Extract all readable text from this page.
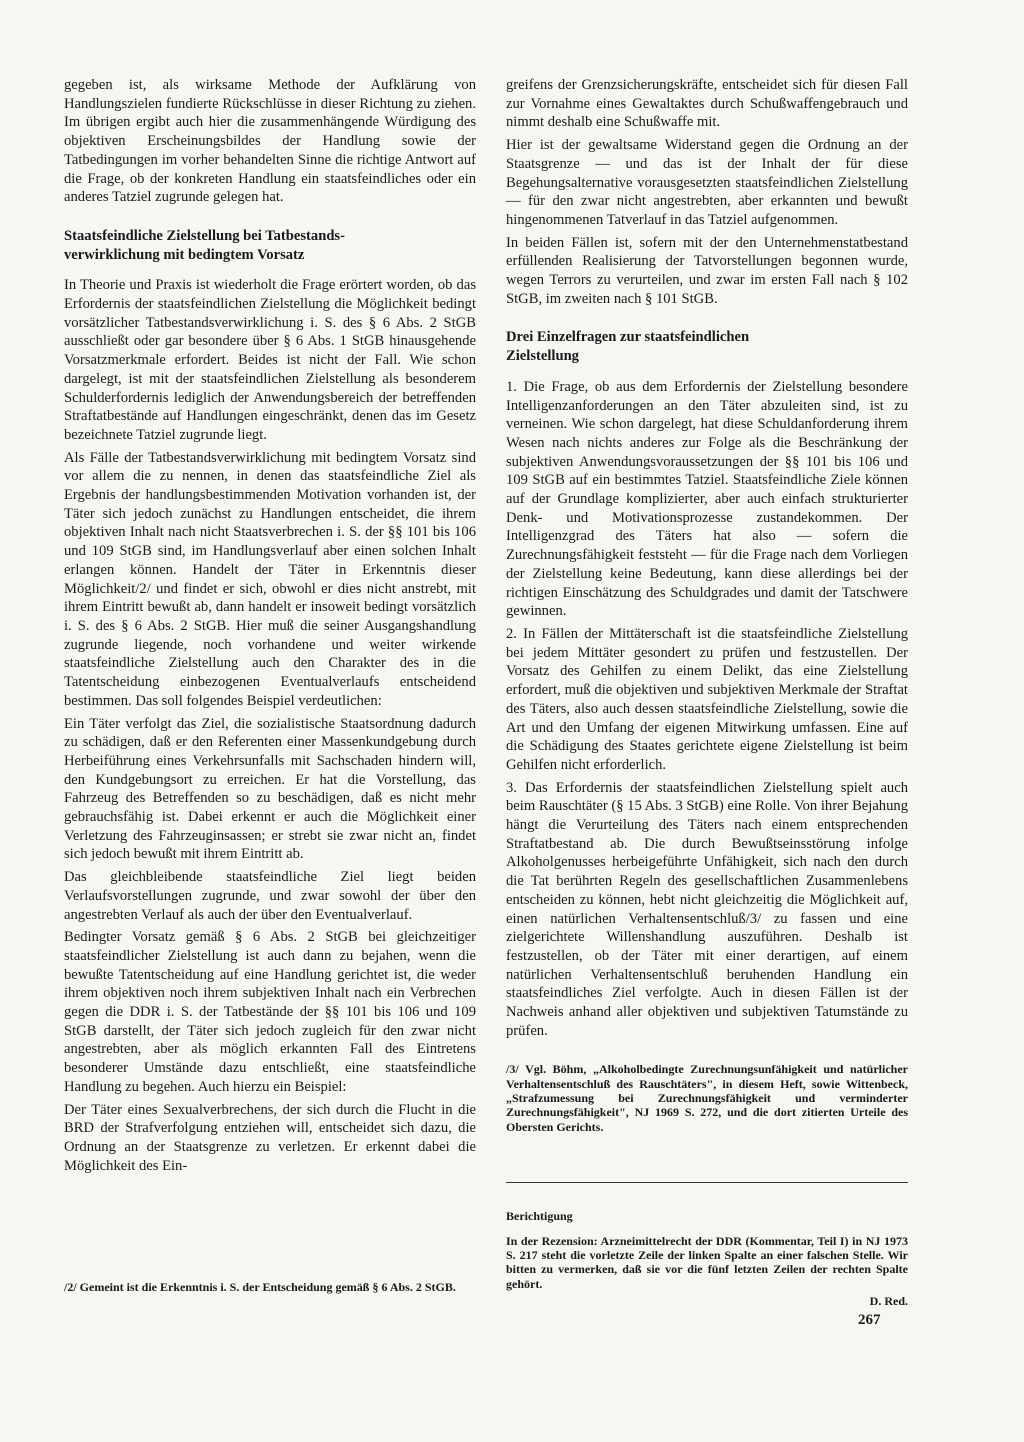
gegeben ist, als wirksame Methode der Aufklärung von Handlungszielen fundierte Rückschlüsse in dieser Richtung zu ziehen. Im übrigen ergibt auch hier die zusammenhängende Würdigung des objektiven Erscheinungsbildes der Handlung sowie der Tatbedingungen im vorher behandelten Sinne die richtige Antwort auf die Frage, ob der konkreten Handlung ein staatsfeindliches oder ein anderes Tatziel zugrunde gelegen hat.

Staatsfeindliche Zielstellung bei Tatbestands-
verwirklichung mit bedingtem Vorsatz

In Theorie und Praxis ist wiederholt die Frage erörtert worden, ob das Erfordernis der staatsfeindlichen Zielstellung die Möglichkeit bedingt vorsätzlicher Tatbestandsverwirklichung i. S. des § 6 Abs. 2 StGB ausschließt oder gar besondere über § 6 Abs. 1 StGB hinausgehende Vorsatzmerkmale erfordert. Beides ist nicht der Fall. Wie schon dargelegt, ist mit der staatsfeindlichen Zielstellung als besonderem Schulderfordernis lediglich der Anwendungsbereich der betreffenden Straftatbestände auf Handlungen eingeschränkt, denen das im Gesetz bezeichnete Tatziel zugrunde liegt.

Als Fälle der Tatbestandsverwirklichung mit bedingtem Vorsatz sind vor allem die zu nennen, in denen das staatsfeindliche Ziel als Ergebnis der handlungsbestimmenden Motivation vorhanden ist, der Täter sich jedoch zunächst zu Handlungen entscheidet, die ihrem objektiven Inhalt nach nicht Staatsverbrechen i. S. der §§ 101 bis 106 und 109 StGB sind, im Handlungsverlauf aber einen solchen Inhalt erlangen können. Handelt der Täter in Erkenntnis dieser Möglichkeit/2/ und findet er sich, obwohl er dies nicht anstrebt, mit ihrem Eintritt bewußt ab, dann handelt er insoweit bedingt vorsätzlich i. S. des § 6 Abs. 2 StGB. Hier muß die seiner Ausgangshandlung zugrunde liegende, noch vorhandene und weiter wirkende staatsfeindliche Zielstellung auch den Charakter des in die Tatentscheidung einbezogenen Eventualverlaufs entscheidend bestimmen. Das soll folgendes Beispiel verdeutlichen:

Ein Täter verfolgt das Ziel, die sozialistische Staatsordnung dadurch zu schädigen, daß er den Referenten einer Massenkundgebung durch Herbeiführung eines Verkehrsunfalls mit Sachschaden hindern will, den Kundgebungsort zu erreichen. Er hat die Vorstellung, das Fahrzeug des Betreffenden so zu beschädigen, daß es nicht mehr gebrauchsfähig ist. Dabei erkennt er auch die Möglichkeit einer Verletzung des Fahrzeuginsassen; er strebt sie zwar nicht an, findet sich jedoch bewußt mit ihrem Eintritt ab.

Das gleichbleibende staatsfeindliche Ziel liegt beiden Verlaufsvorstellungen zugrunde, und zwar sowohl der über den angestrebten Verlauf als auch der über den Eventualverlauf.

Bedingter Vorsatz gemäß § 6 Abs. 2 StGB bei gleichzeitiger staatsfeindlicher Zielstellung ist auch dann zu bejahen, wenn die bewußte Tatentscheidung auf eine Handlung gerichtet ist, die weder ihrem objektiven noch ihrem subjektiven Inhalt nach ein Verbrechen gegen die DDR i. S. der Tatbestände der §§ 101 bis 106 und 109 StGB darstellt, der Täter sich jedoch zugleich für den zwar nicht angestrebten, aber als möglich erkannten Fall des Eintretens besonderer Umstände dazu entschließt, eine staatsfeindliche Handlung zu begehen. Auch hierzu ein Beispiel:

Der Täter eines Sexualverbrechens, der sich durch die Flucht in die BRD der Strafverfolgung entziehen will, entscheidet sich dazu, die Ordnung an der Staatsgrenze zu verletzen. Er erkennt dabei die Möglichkeit des Ein-

/2/ Gemeint ist die Erkenntnis i. S. der Entscheidung gemäß § 6 Abs. 2 StGB.

greifens der Grenzsicherungskräfte, entscheidet sich für diesen Fall zur Vornahme eines Gewaltaktes durch Schußwaffengebrauch und nimmt deshalb eine Schußwaffe mit.

Hier ist der gewaltsame Widerstand gegen die Ordnung an der Staatsgrenze — und das ist der Inhalt der für diese Begehungsalternative vorausgesetzten staatsfeindlichen Zielstellung — für den zwar nicht angestrebten, aber erkannten und bewußt hingenommenen Tatverlauf in das Tatziel aufgenommen.

In beiden Fällen ist, sofern mit der den Unternehmenstatbestand erfüllenden Realisierung der Tatvorstellungen begonnen wurde, wegen Terrors zu verurteilen, und zwar im ersten Fall nach § 102 StGB, im zweiten nach § 101 StGB.

Drei Einzelfragen zur staatsfeindlichen
Zielstellung

1. Die Frage, ob aus dem Erfordernis der Zielstellung besondere Intelligenzanforderungen an den Täter abzuleiten sind, ist zu verneinen. Wie schon dargelegt, hat diese Schuldanforderung ihrem Wesen nach nichts anderes zur Folge als die Beschränkung der subjektiven Anwendungsvoraussetzungen der §§ 101 bis 106 und 109 StGB auf ein bestimmtes Tatziel. Staatsfeindliche Ziele können auf der Grundlage komplizierter, aber auch einfach strukturierter Denk- und Motivationsprozesse zustandekommen. Der Intelligenzgrad des Täters hat also — sofern die Zurechnungsfähigkeit feststeht — für die Frage nach dem Vorliegen der Zielstellung keine Bedeutung, kann diese allerdings bei der richtigen Einschätzung des Schuldgrades und damit der Tatschwere gewinnen.

2. In Fällen der Mittäterschaft ist die staatsfeindliche Zielstellung bei jedem Mittäter gesondert zu prüfen und festzustellen. Der Vorsatz des Gehilfen zu einem Delikt, das eine Zielstellung erfordert, muß die objektiven und subjektiven Merkmale der Straftat des Täters, also auch dessen staatsfeindliche Zielstellung, sowie die Art und den Umfang der eigenen Mitwirkung umfassen. Eine auf die Schädigung des Staates gerichtete eigene Zielstellung ist beim Gehilfen nicht erforderlich.

3. Das Erfordernis der staatsfeindlichen Zielstellung spielt auch beim Rauschtäter (§ 15 Abs. 3 StGB) eine Rolle. Von ihrer Bejahung hängt die Verurteilung des Täters nach einem entsprechenden Straftatbestand ab. Die durch Bewußtseinsstörung infolge Alkoholgenusses herbeigeführte Unfähigkeit, sich nach den durch die Tat berührten Regeln des gesellschaftlichen Zusammenlebens entscheiden zu können, hebt nicht gleichzeitig die Möglichkeit auf, einen natürlichen Verhaltensentschluß/3/ zu fassen und eine zielgerichtete Willenshandlung auszuführen. Deshalb ist festzustellen, ob der Täter mit einer derartigen, auf einem natürlichen Verhaltensentschluß beruhenden Handlung ein staatsfeindliches Ziel verfolgte. Auch in diesen Fällen ist der Nachweis anhand aller objektiven und subjektiven Tatumstände zu prüfen.

/3/ Vgl. Böhm, „Alkoholbedingte Zurechnungsunfähigkeit und natürlicher Verhaltensentschluß des Rauschtäters", in diesem Heft, sowie Wittenbeck, „Strafzumessung bei Zurechnungsfähigkeit und verminderter Zurechnungsfähigkeit", NJ 1969 S. 272, und die dort zitierten Urteile des Obersten Gerichts.
Berichtigung
In der Rezension: Arzneimittelrecht der DDR (Kommentar, Teil I) in NJ 1973 S. 217 steht die vorletzte Zeile der linken Spalte an einer falschen Stelle. Wir bitten zu vermerken, daß sie vor die fünf letzten Zeilen der rechten Spalte gehört.
D. Red.
267
